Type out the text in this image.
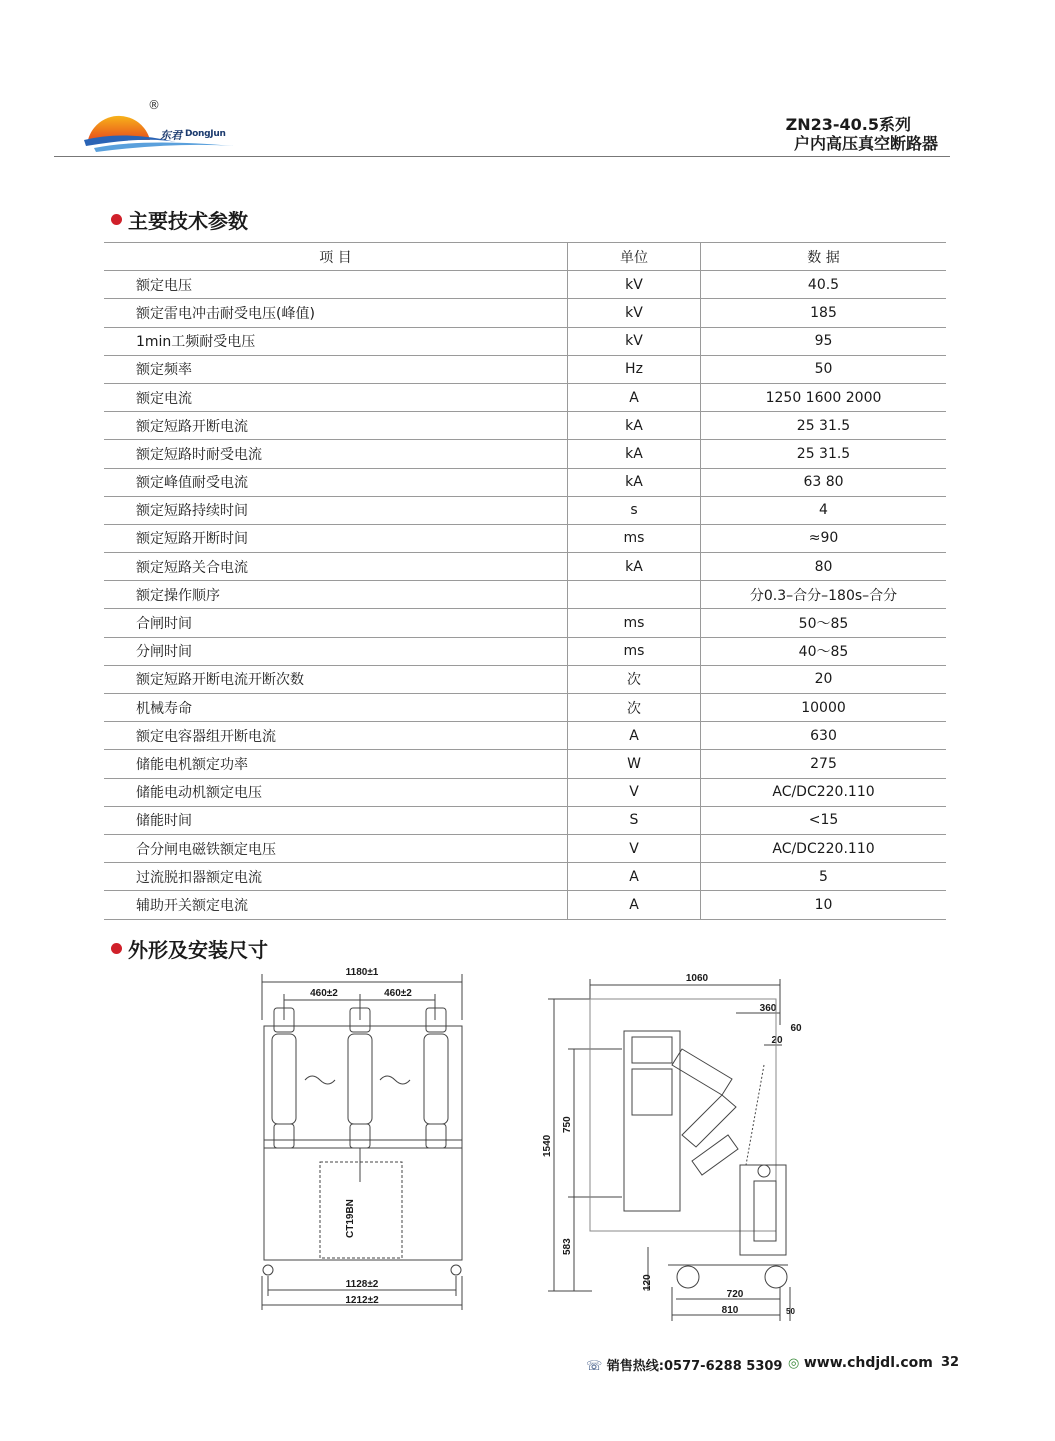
®
东君 DongJun	ZN23-40.5系列
户内高压真空断路器
主要技术参数
项 目	单位	数 据
额定电压	kV	40.5
额定雷电冲击耐受电压(峰值)	kV	185
1min工频耐受电压	kV	95
额定频率	Hz	50
额定电流	A	1250 1600 2000
额定短路开断电流	kA	25 31.5
额定短路时耐受电流	kA	25 31.5
额定峰值耐受电流	kA	63 80
额定短路持续时间	s	4
额定短路开断时间	ms	≈90
额定短路关合电流	kA	80
额定操作顺序		分0.3–合分–180s–合分
合闸时间	ms	50～85
分闸时间	ms	40～85
额定短路开断电流开断次数	次	20
机械寿命	次	10000
额定电容器组开断电流	A	630
储能电机额定功率	W	275
储能电动机额定电压	V	AC/DC220.110
储能时间	S	<15
合分闸电磁铁额定电压	V	AC/DC220.110
过流脱扣器额定电流	A	5
辅助开关额定电流	A	10
外形及安装尺寸
1180±1
460±2	460±2
CT19BN
1128±2
1212±2
1060
360
60
20
1540
750
583
120
720
810	50
☏ 销售热线:0577-6288 5309 ◎ www.chdjdl.com 32
